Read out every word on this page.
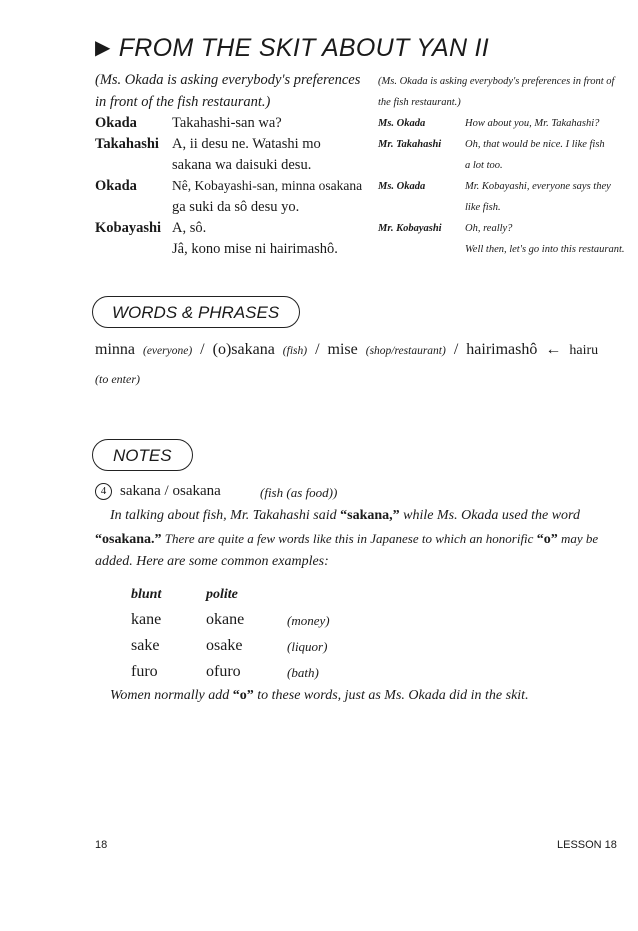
▶ FROM THE SKIT ABOUT YAN II
(Ms. Okada is asking everybody's preferences
in front of the fish restaurant.)
Okada Takahashi-san wa?
Takahashi A, ii desu ne. Watashi mo
sakana wa daisuki desu.
Okada	Nê, Kobayashi-san, minna osakana
ga suki da sô desu yo.
Kobayashi A, sô.
Jâ, kono mise ni hairimashô.
(Ms. Okada is asking everybody's preferences in front of
the fish restaurant.)
Ms. Okada	How about you, Mr. Takahashi?
Mr. Takahashi Oh, that would be nice. I like fish
a lot too.
Ms. Okada	Mr. Kobayashi, everyone says they
like fish.
Mr. Kobayashi Oh, really?
Well then, let's go into this restaurant.
WORDS & PHRASES
minna (everyone) / (o)sakana (fish) / mise (shop/restaurant) / hairimashô ← hairu
(to enter)
NOTES
4 sakana / osakana	(fish (as food))
In talking about fish, Mr. Takahashi said “sakana,” while Ms. Okada used the word
“osakana.” There are quite a few words like this in Japanese to which an honorific “o” may be
added. Here are some common examples:
blunt	polite
kane	okane	(money)
sake	osake	(liquor)
furo	ofuro	(bath)
Women normally add “o” to these words, just as Ms. Okada did in the skit.
18	LESSON 18
